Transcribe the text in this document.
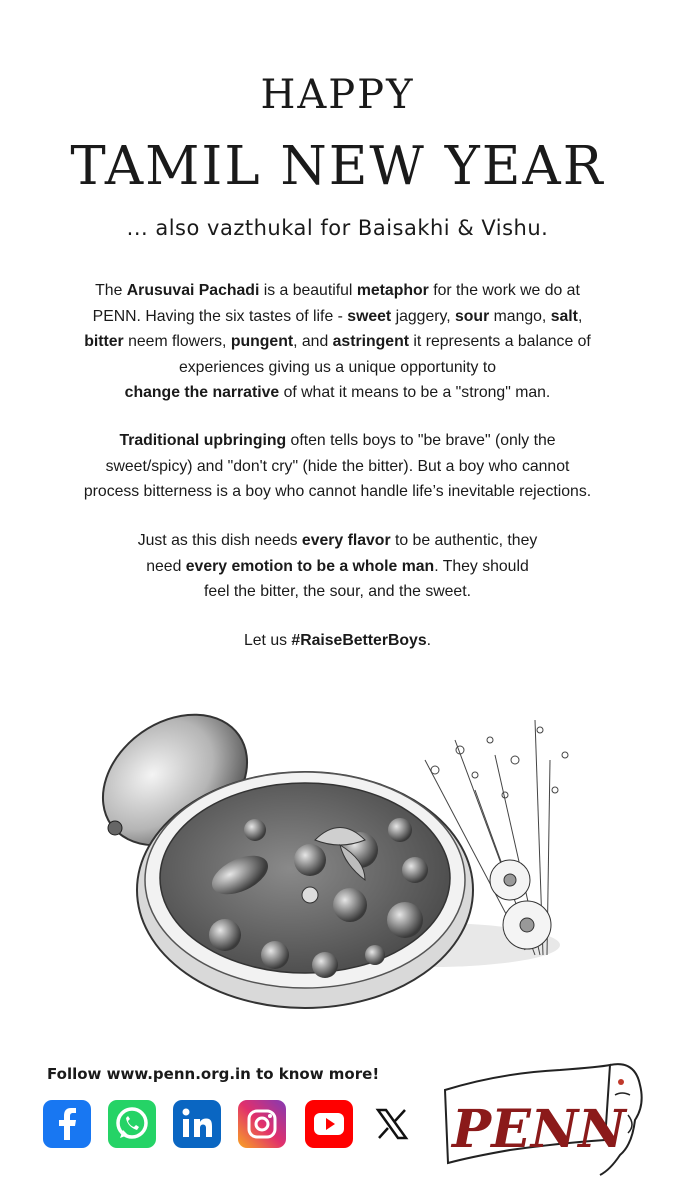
HAPPY
TAMIL NEW YEAR
... also vazthukal for Baisakhi & Vishu.
The Arusuvai Pachadi is a beautiful metaphor for the work we do at
PENN. Having the six tastes of life - sweet jaggery, sour mango, salt,
bitter neem flowers, pungent, and astringent it represents a balance of
experiences giving us a unique opportunity to
change the narrative of what it means to be a "strong" man.
Traditional upbringing often tells boys to "be brave" (only the
sweet/spicy) and "don't cry" (hide the bitter). But a boy who cannot
process bitterness is a boy who cannot handle life’s inevitable rejections.
Just as this dish needs every flavor to be authentic, they
need every emotion to be a whole man. They should
feel the bitter, the sour, and the sweet.
Let us #RaiseBetterBoys.
Follow www.penn.org.in to know more!
PENN
